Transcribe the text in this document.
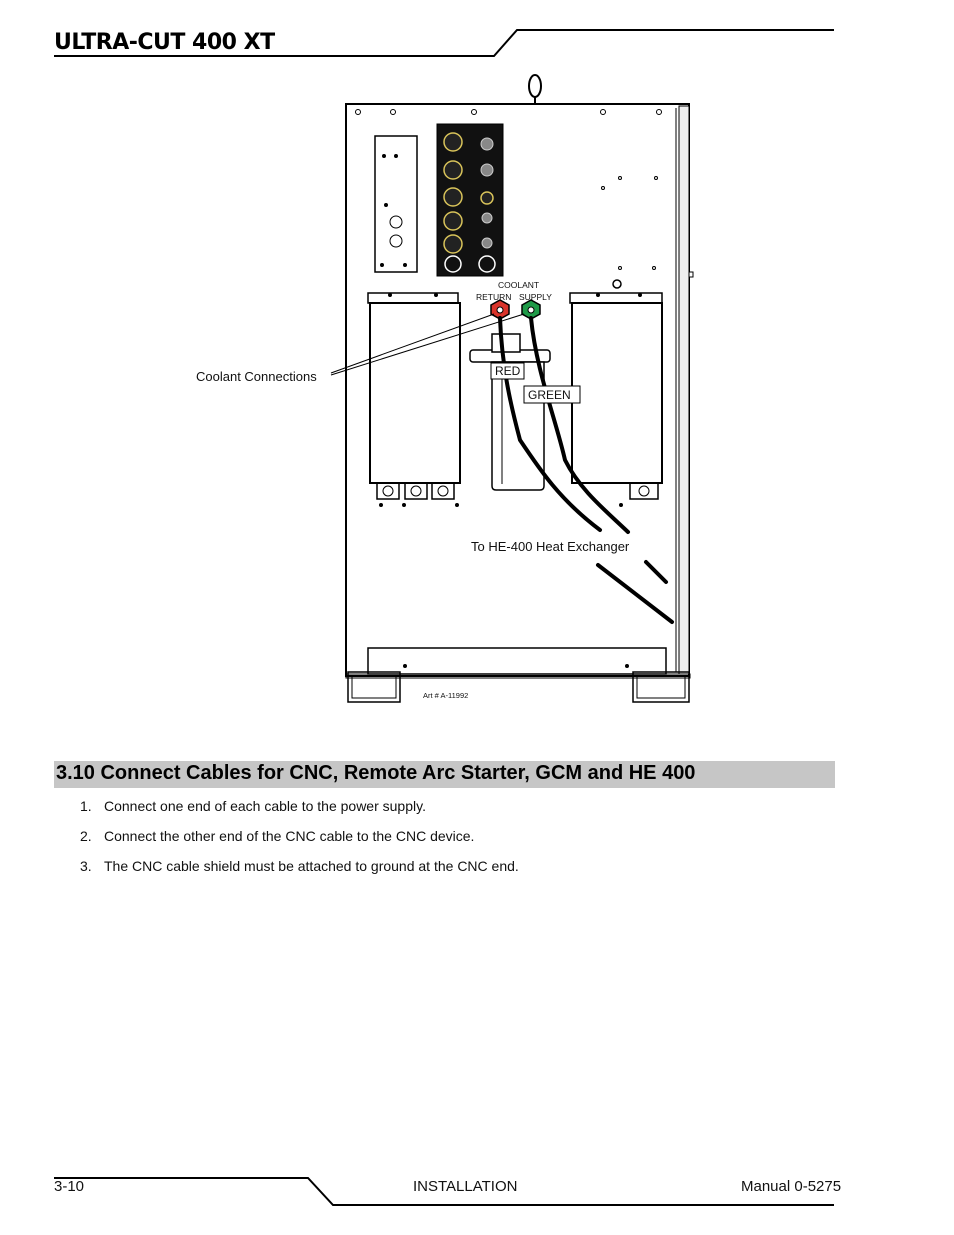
ULTRA-CUT 400 XT
Coolant Connections
COOLANT
RETURN SUPPLY
RED
GREEN
To HE-400 Heat Exchanger
Art # A-11992
3.10 Connect Cables for CNC, Remote Arc Starter, GCM and HE 400
1. Connect one end of each cable to the power supply.
2. Connect the other end of the CNC cable to the CNC device.
3. The CNC cable shield must be attached to ground at the CNC end.
3-10	INSTALLATION	Manual 0-5275
